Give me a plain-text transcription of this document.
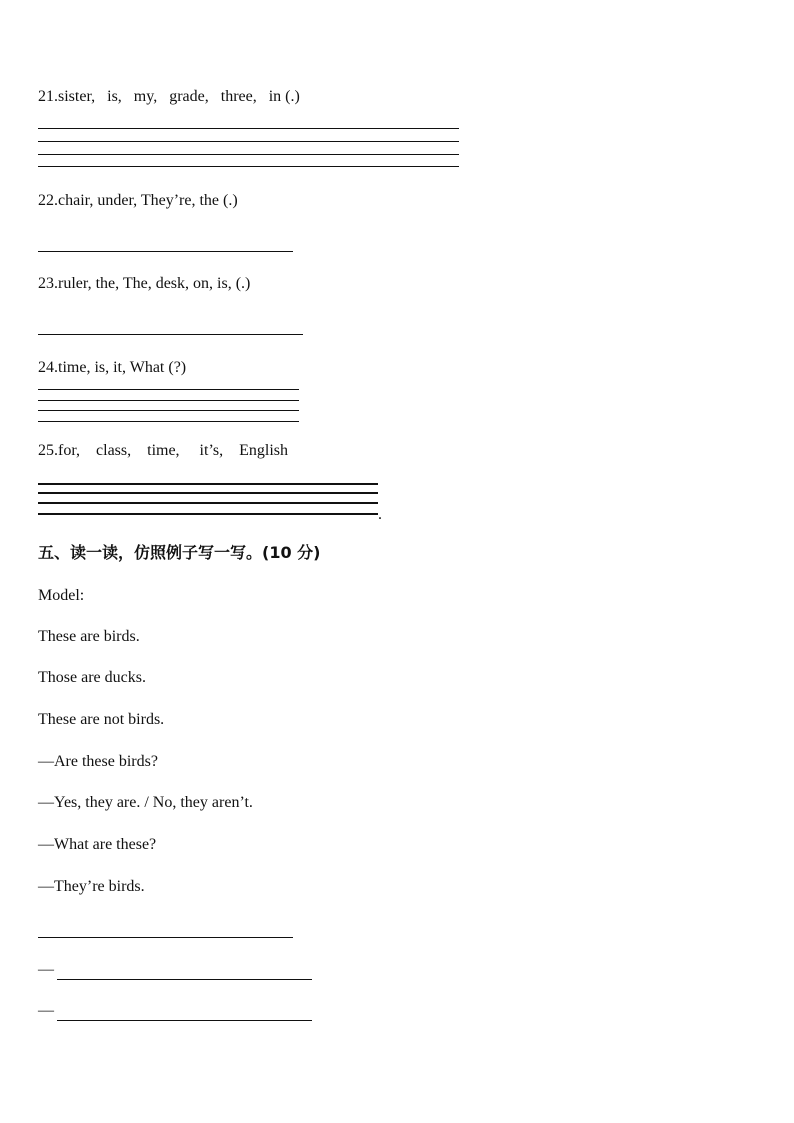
21.sister,   is,   my,   grade,   three,   in (.)
22.chair, under, They’re, the (.)
23.ruler, the, The, desk, on, is, (.)
24.time, is, it, What (?)
25.for,    class,    time,     it’s,    English
.
五、读一读，仿照例子写一写。(10 分)
Model:
These are birds.
Those are ducks.
These are not birds.
—Are these birds?
—Yes, they are. / No, they aren’t.
—What are these?
—They’re birds.
—
—
